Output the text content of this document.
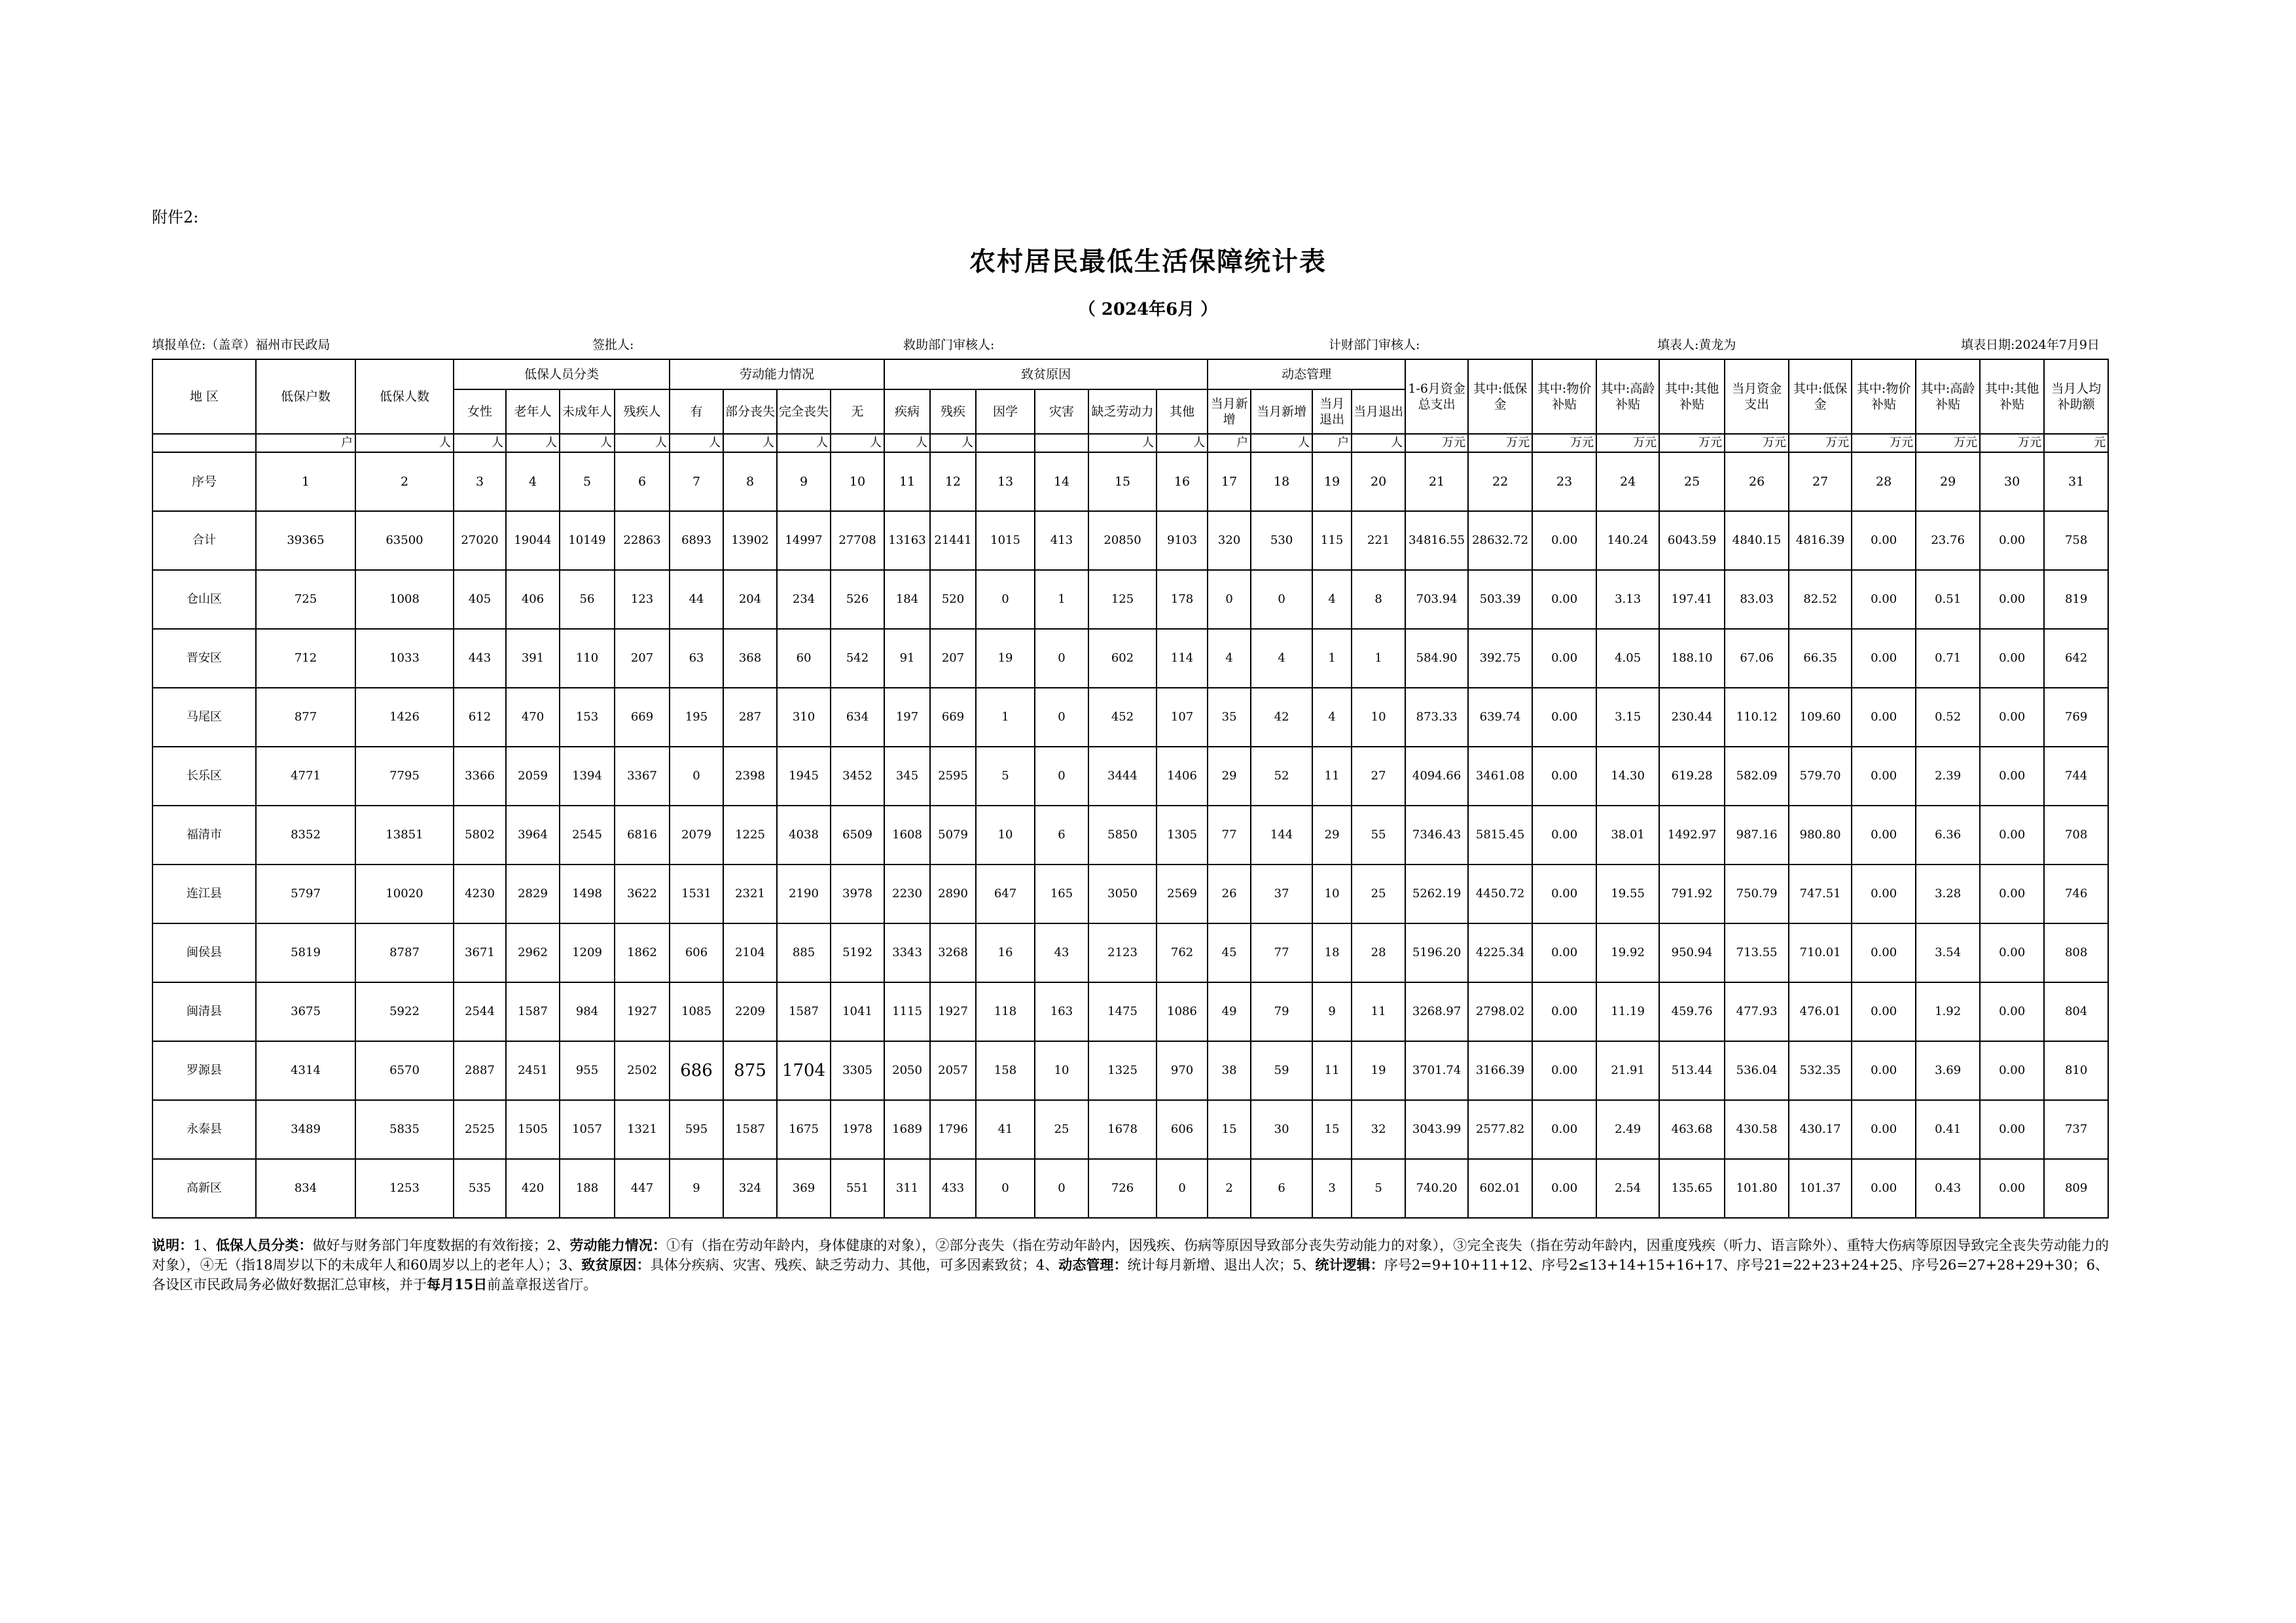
附件2:
农村居民最低生活保障统计表
（ 2024年6月 ）
填报单位:（盖章）福州市民政局	签批人:	救助部门审核人:	计财部门审核人:	填表人:黄龙为	填表日期:2024年7月9日
地 区	低保户数	低保人数	低保人员分类				劳动能力情况				致贫原因						动态管理				1-6月资金总支出	其中:低保金	其中:物价补贴	其中:高龄补贴	其中:其他补贴	当月资金支出	其中:低保金	其中:物价补贴	其中:高龄补贴	其中:其他补贴	当月人均补助额
			女性	老年人	未成年人	残疾人	有	部分丧失	完全丧失	无	疾病	残疾	因学	灾害	缺乏劳动力	其他	当月新增	当月新增	当月退出	当月退出											
	户	人	人	人	人	人	人	人	人	人	人	人			人	人	户	人	户	人	万元	万元	万元	万元	万元	万元	万元	万元	万元	万元	元
序号	1	2	3	4	5	6	7	8	9	10	11	12	13	14	15	16	17	18	19	20	21	22	23	24	25	26	27	28	29	30	31
合计	39365	63500	27020	19044	10149	22863	6893	13902	14997	27708	13163	21441	1015	413	20850	9103	320	530	115	221	34816.55	28632.72	0.00	140.24	6043.59	4840.15	4816.39	0.00	23.76	0.00	758
仓山区	725	1008	405	406	56	123	44	204	234	526	184	520	0	1	125	178	0	0	4	8	703.94	503.39	0.00	3.13	197.41	83.03	82.52	0.00	0.51	0.00	819
晋安区	712	1033	443	391	110	207	63	368	60	542	91	207	19	0	602	114	4	4	1	1	584.90	392.75	0.00	4.05	188.10	67.06	66.35	0.00	0.71	0.00	642
马尾区	877	1426	612	470	153	669	195	287	310	634	197	669	1	0	452	107	35	42	4	10	873.33	639.74	0.00	3.15	230.44	110.12	109.60	0.00	0.52	0.00	769
长乐区	4771	7795	3366	2059	1394	3367	0	2398	1945	3452	345	2595	5	0	3444	1406	29	52	11	27	4094.66	3461.08	0.00	14.30	619.28	582.09	579.70	0.00	2.39	0.00	744
福清市	8352	13851	5802	3964	2545	6816	2079	1225	4038	6509	1608	5079	10	6	5850	1305	77	144	29	55	7346.43	5815.45	0.00	38.01	1492.97	987.16	980.80	0.00	6.36	0.00	708
连江县	5797	10020	4230	2829	1498	3622	1531	2321	2190	3978	2230	2890	647	165	3050	2569	26	37	10	25	5262.19	4450.72	0.00	19.55	791.92	750.79	747.51	0.00	3.28	0.00	746
闽侯县	5819	8787	3671	2962	1209	1862	606	2104	885	5192	3343	3268	16	43	2123	762	45	77	18	28	5196.20	4225.34	0.00	19.92	950.94	713.55	710.01	0.00	3.54	0.00	808
闽清县	3675	5922	2544	1587	984	1927	1085	2209	1587	1041	1115	1927	118	163	1475	1086	49	79	9	11	3268.97	2798.02	0.00	11.19	459.76	477.93	476.01	0.00	1.92	0.00	804
罗源县	4314	6570	2887	2451	955	2502	686	875	1704	3305	2050	2057	158	10	1325	970	38	59	11	19	3701.74	3166.39	0.00	21.91	513.44	536.04	532.35	0.00	3.69	0.00	810
永泰县	3489	5835	2525	1505	1057	1321	595	1587	1675	1978	1689	1796	41	25	1678	606	15	30	15	32	3043.99	2577.82	0.00	2.49	463.68	430.58	430.17	0.00	0.41	0.00	737
高新区	834	1253	535	420	188	447	9	324	369	551	311	433	0	0	726	0	2	6	3	5	740.20	602.01	0.00	2.54	135.65	101.80	101.37	0.00	0.43	0.00	809
说明：1、低保人员分类：做好与财务部门年度数据的有效衔接；2、劳动能力情况：①有（指在劳动年龄内，身体健康的对象），②部分丧失（指在劳动年龄内，因残疾、伤病等原因导致部分丧失劳动能力的对象），③完全丧失（指在劳动年龄内，因重度残疾（听力、语言除外）、重特大伤病等原因导致完全丧失劳动能力的对象），④无（指18周岁以下的未成年人和60周岁以上的老年人）；3、致贫原因：具体分疾病、灾害、残疾、缺乏劳动力、其他，可多因素致贫；4、动态管理：统计每月新增、退出人次；5、统计逻辑：序号2=9+10+11+12、序号2≤13+14+15+16+17、序号21=22+23+24+25、序号26=27+28+29+30；6、各设区市民政局务必做好数据汇总审核，并于每月15日前盖章报送省厅。
